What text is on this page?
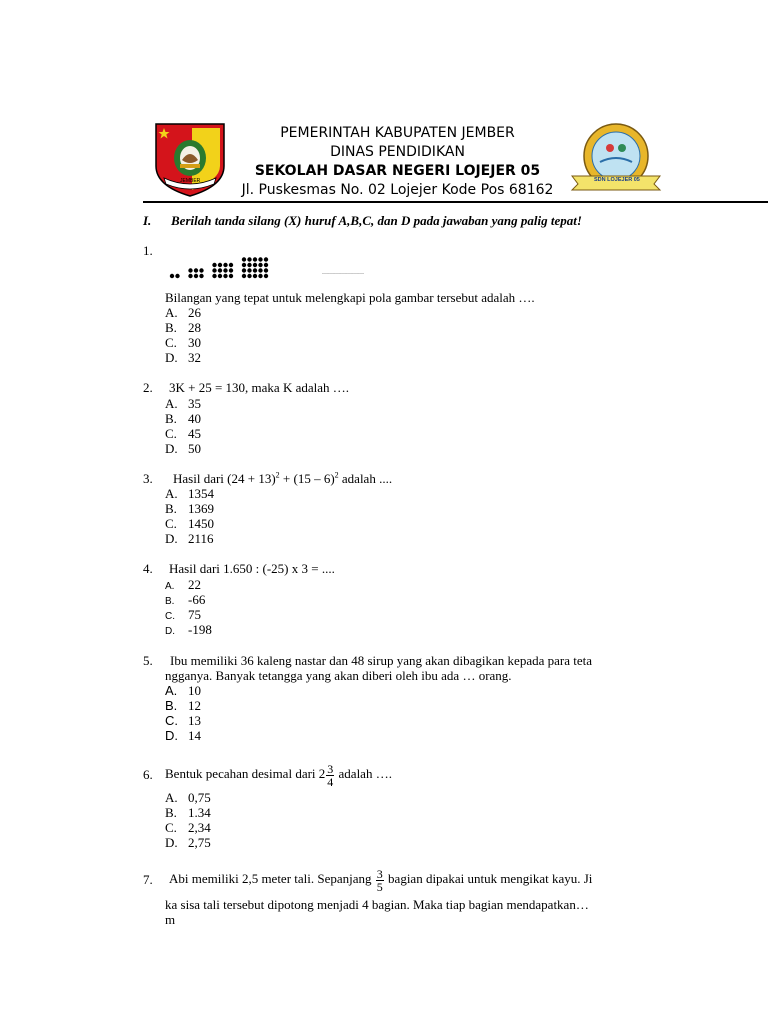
JEMBER
PEMERINTAH KABUPATEN JEMBER
DINAS PENDIDIKAN
SEKOLAH DASAR NEGERI LOJEJER 05
Jl. Puskesmas No. 02 Lojejer Kode Pos 68162
SDN LOJEJER 05
I. Berilah tanda silang (X) huruf A,B,C, dan D pada jawaban yang palig tepat!
1.
…………………
Bilangan yang tepat untuk melengkapi pola gambar tersebut adalah ….
A. 26
B. 28
C. 30
D. 32
2. 3K + 25 = 130, maka K adalah ….
A. 35
B. 40
C. 45
D. 50
3. Hasil dari $(24 + 13)^2 + (15 - 6)^2$ adalah ....
A. 1354
B. 1369
C. 1450
D. 2116
4. Hasil dari 1.650 : (-25) x 3 = ....
A. 22
B. -66
C. 75
D. -198
5. Ibu memiliki 36 kaleng nastar dan 48 sirup yang akan dibagikan kepada para teta
ngganya. Banyak tetangga yang akan diberi oleh ibu ada … orang.
A. 10
B. 12
C. 13
D. 14
6. Bentuk pecahan desimal dari $2 \frac{3}{4}$ adalah ….
A. 0,75
B. 1.34
C. 2,34
D. 2,75
7. Abi memiliki 2,5 meter tali. Sepanjang $\frac{3}{5}$ bagian dipakai untuk mengikat kayu. Ji
ka sisa tali tersebut dipotong menjadi 4 bagian. Maka tiap bagian mendapatkan…
m
